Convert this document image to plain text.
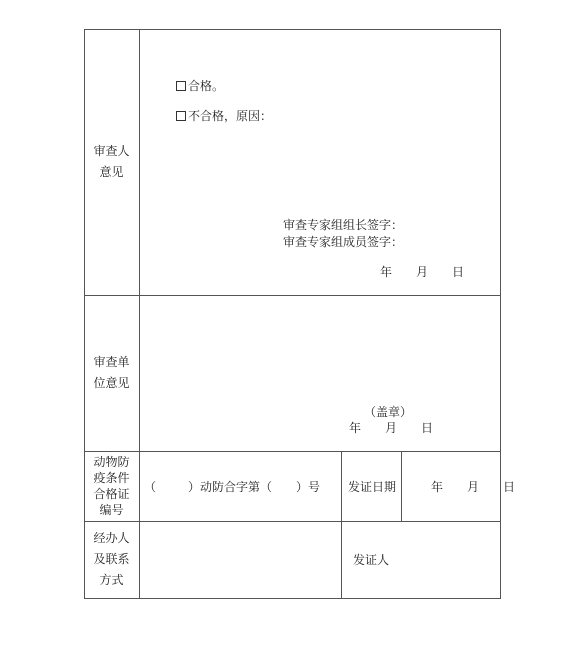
审查人
意见
合格。
不合格，原因：
审查专家组组长签字：
审查专家组成员签字：
年 月 日
审查单
位意见
（盖章）
年 月 日
动物防
疫条件
合格证
编号
（	）动防合字第（ ）号 发证日期	年 月 日
经办人
及联系
方式
发证人
